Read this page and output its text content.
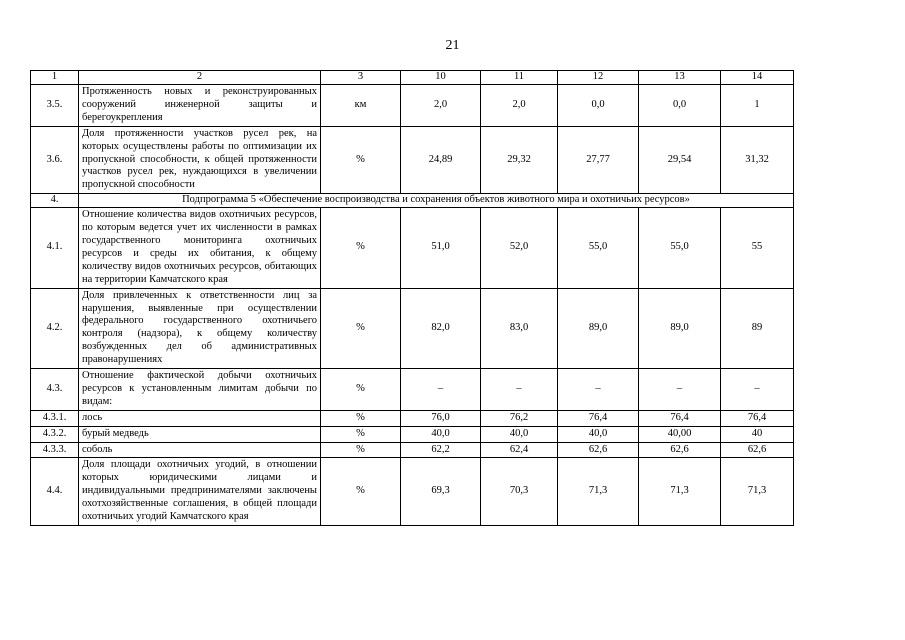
21
1	2	3	10	11	12	13	14
3.5.	Протяженность новых и реконструированных сооружений инженерной защиты и берегоукрепления	км	2,0	2,0	0,0	0,0	1
3.6.	Доля протяженности участков русел рек, на которых осуществлены работы по оптимизации их пропускной способности, к общей протяженности участков русел рек, нуждающихся в увеличении пропускной способности	%	24,89	29,32	27,77	29,54	31,32
4.	Подпрограмма 5 «Обеспечение воспроизводства и сохранения объектов животного мира и охотничьих ресурсов»						
4.1.	Отношение количества видов охотничьих ресурсов, по которым ведется учет их численности в рамках государственного мониторинга охотничьих ресурсов и среды их обитания, к общему количеству видов охотничьих ресурсов, обитающих на территории Камчатского края	%	51,0	52,0	55,0	55,0	55
4.2.	Доля привлеченных к ответственности лиц за нарушения, выявленные при осуществлении федерального государственного охотничьего контроля (надзора), к общему количеству возбужденных дел об административных правонарушениях	%	82,0	83,0	89,0	89,0	89
4.3.	Отношение фактической добычи охотничьих ресурсов к установленным лимитам добычи по видам:	%	–	–	–	–	–
4.3.1.	лось	%	76,0	76,2	76,4	76,4	76,4
4.3.2.	бурый медведь	%	40,0	40,0	40,0	40,00	40
4.3.3.	соболь	%	62,2	62,4	62,6	62,6	62,6
4.4.	Доля площади охотничьих угодий, в отношении которых юридическими лицами и индивидуальными предпринимателями заключены охотхозяйственные соглашения, в общей площади охотничьих угодий Камчатского края	%	69,3	70,3	71,3	71,3	71,3
